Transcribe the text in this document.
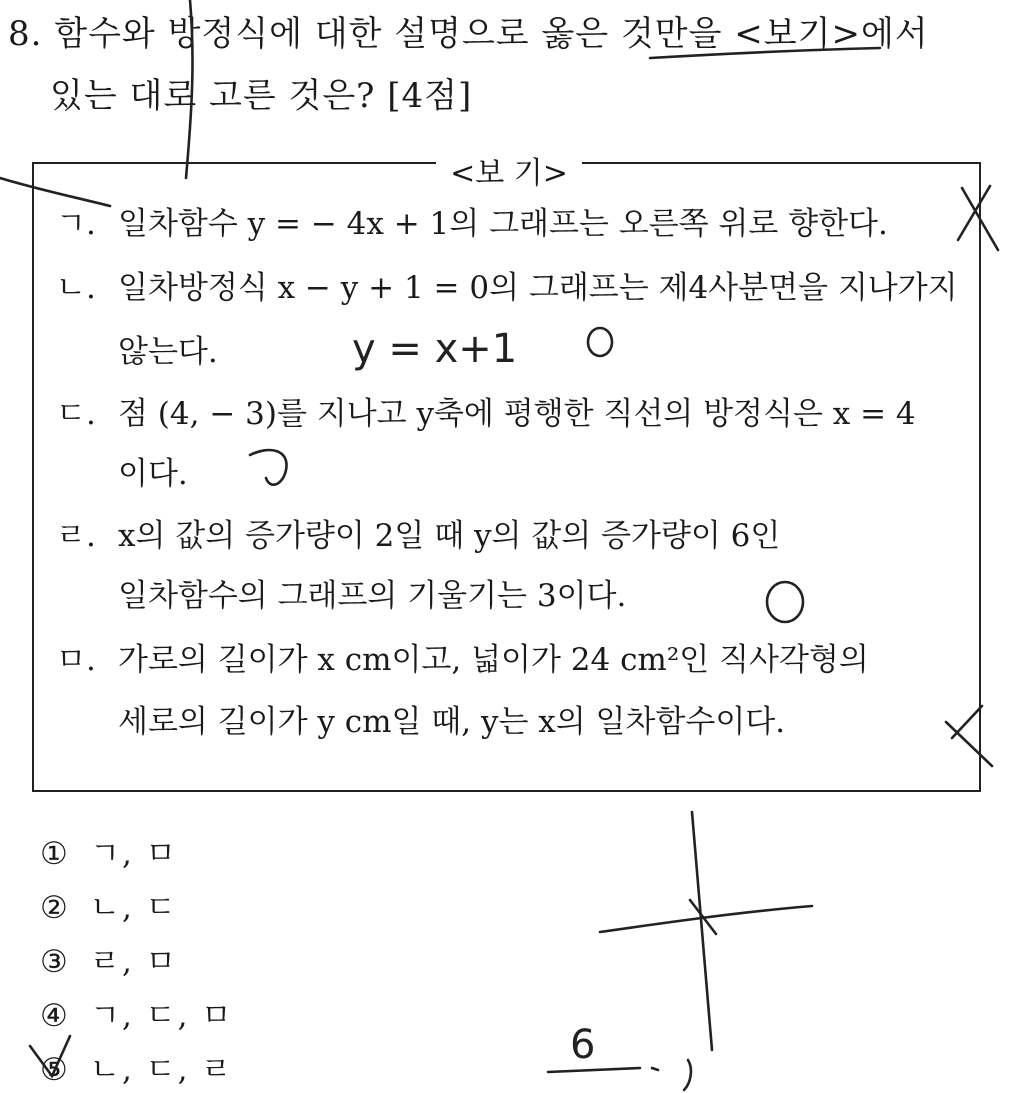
8. 함수와 방정식에 대한 설명으로 옳은 것만을 <보기>에서
있는 대로 고른 것은? [4점]
<보 기>
ㄱ. 일차함수 y = − 4x + 1의 그래프는 오른쪽 위로 향한다.
ㄴ. 일차방정식 x − y + 1 = 0의 그래프는 제4사분면을 지나가지
않는다.
ㄷ. 점 (4, − 3)를 지나고 y축에 평행한 직선의 방정식은 x = 4
이다.
ㄹ. x의 값의 증가량이 2일 때 y의 값의 증가량이 6인
일차함수의 그래프의 기울기는 3이다.
ㅁ. 가로의 길이가 x cm이고, 넓이가 24 cm²인 직사각형의
세로의 길이가 y cm일 때, y는 x의 일차함수이다.
① ㄱ, ㅁ
② ㄴ, ㄷ
③ ㄹ, ㅁ
④ ㄱ, ㄷ, ㅁ
⑤ ㄴ, ㄷ, ㄹ
y = x+1
6
